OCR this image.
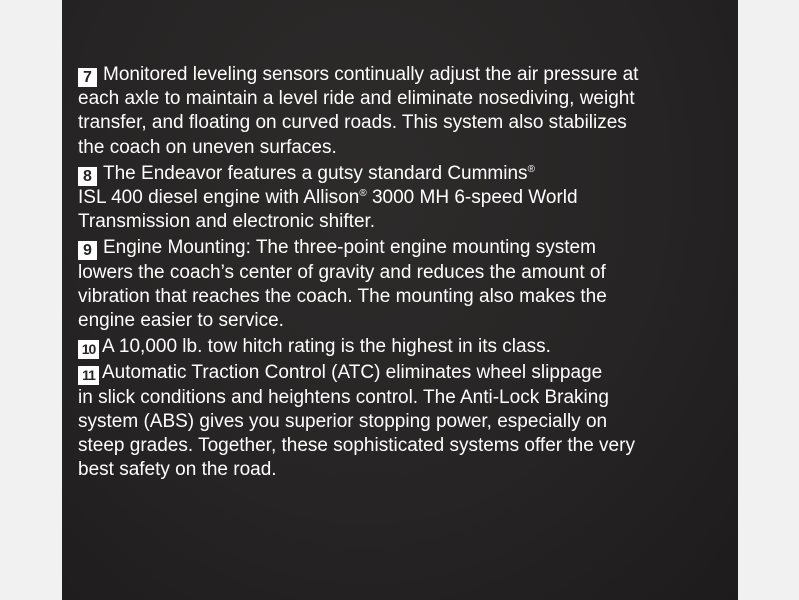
7 Monitored leveling sensors continually adjust the air pressure at
each axle to maintain a level ride and eliminate nosediving, weight
transfer, and floating on curved roads. This system also stabilizes
the coach on uneven surfaces.
8 The Endeavor features a gutsy standard Cummins®
ISL 400 diesel engine with Allison® 3000 MH 6-speed World
Transmission and electronic shifter.
9 Engine Mounting: The three-point engine mounting system
lowers the coach’s center of gravity and reduces the amount of
vibration that reaches the coach. The mounting also makes the
engine easier to service.
10 A 10,000 lb. tow hitch rating is the highest in its class.
11 Automatic Traction Control (ATC) eliminates wheel slippage
in slick conditions and heightens control. The Anti-Lock Braking
system (ABS) gives you superior stopping power, especially on
steep grades. Together, these sophisticated systems offer the very
best safety on the road.
